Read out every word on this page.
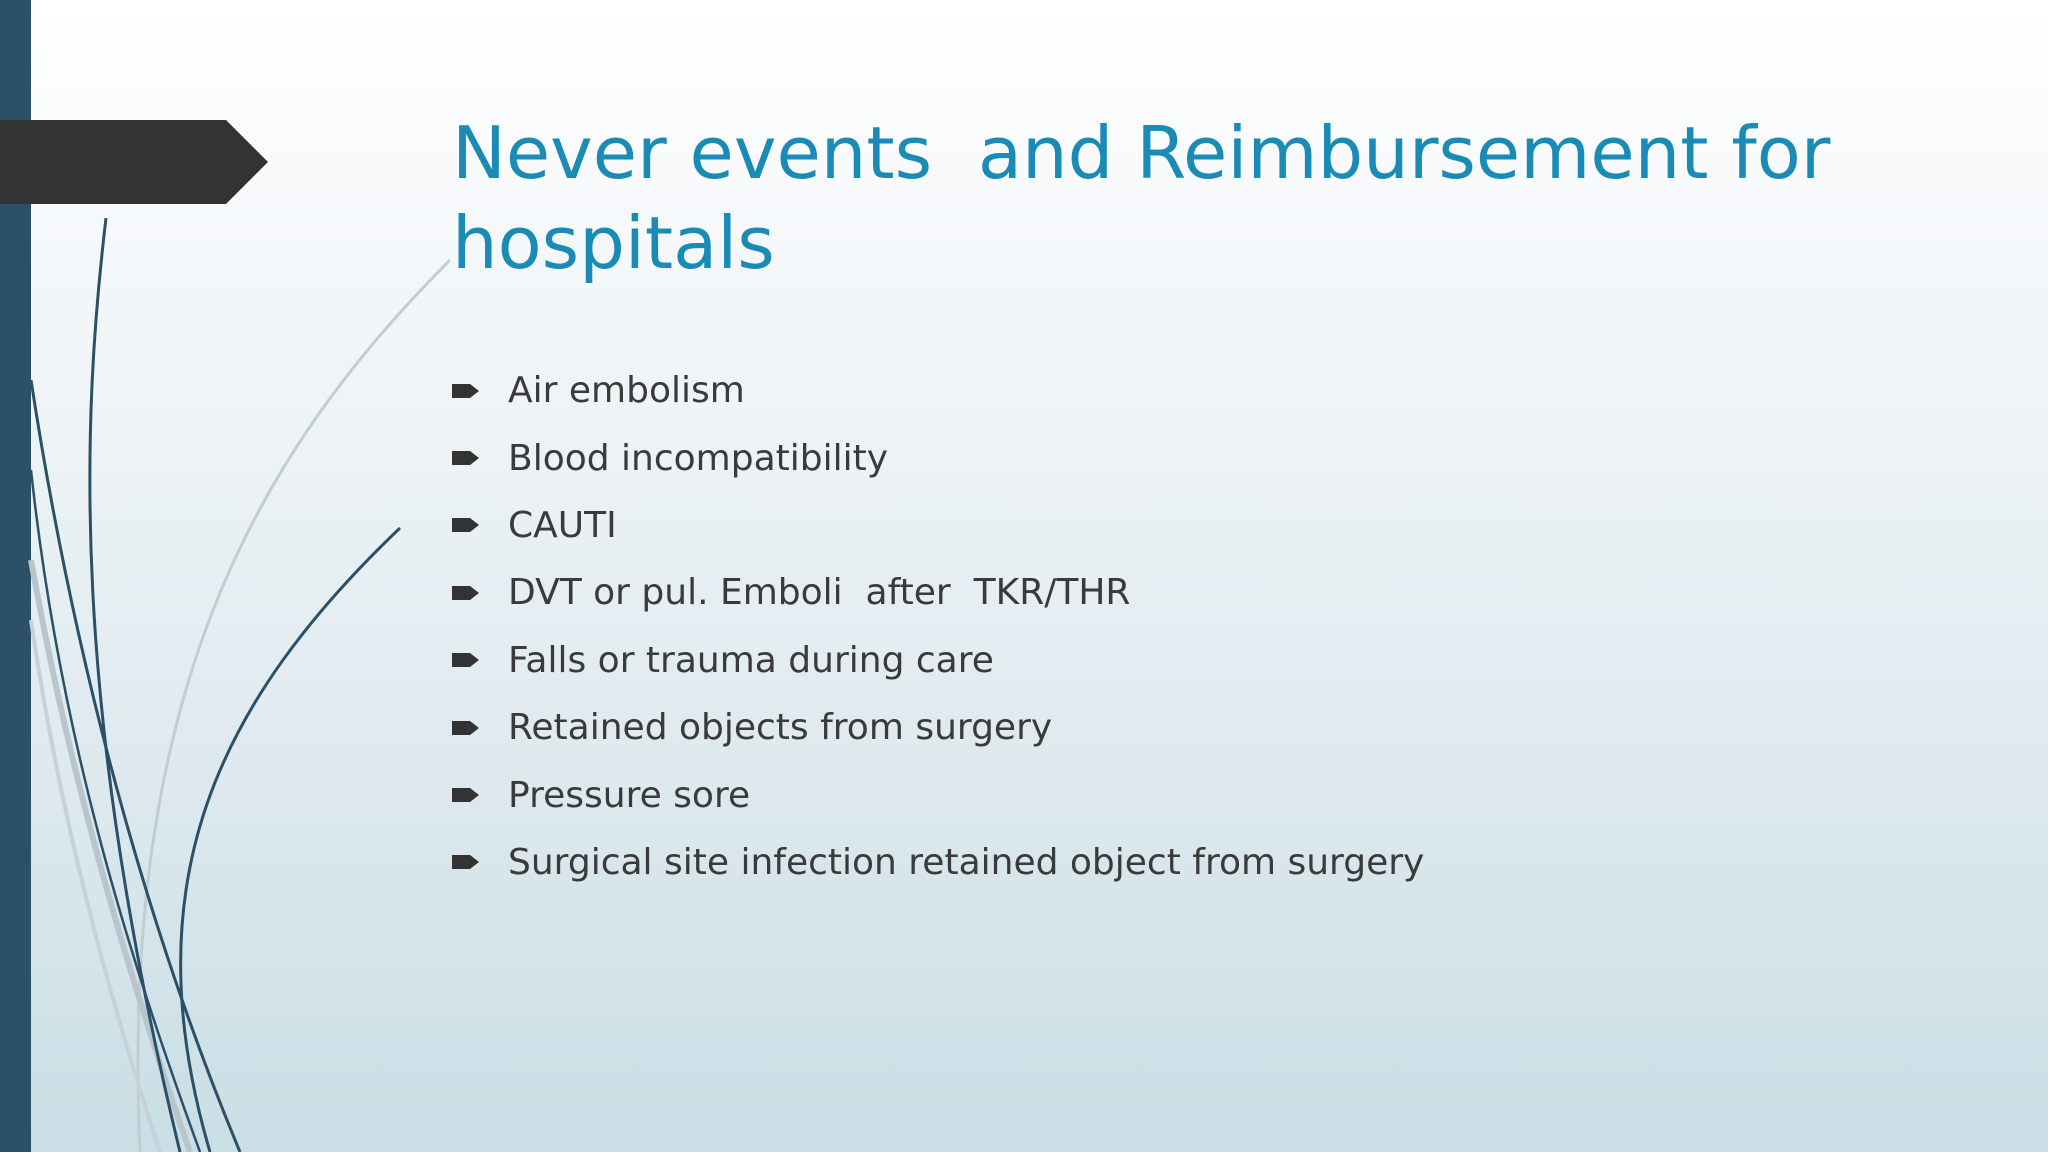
Never events  and Reimbursement for
hospitals
Air embolism
Blood incompatibility
CAUTI
DVT or pul. Emboli  after  TKR/THR
Falls or trauma during care
Retained objects from surgery
Pressure sore
Surgical site infection retained object from surgery
